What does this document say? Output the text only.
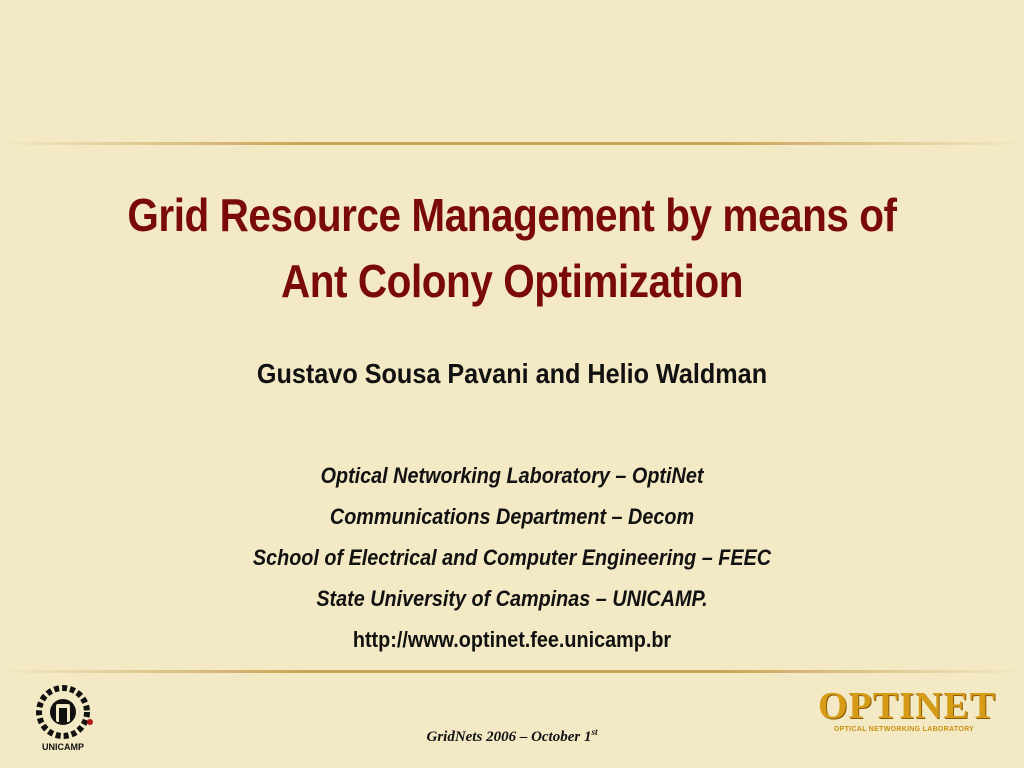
Grid Resource Management by means of
Ant Colony Optimization
Gustavo Sousa Pavani and Helio Waldman
Optical Networking Laboratory – OptiNet
Communications Department – Decom
School of Electrical and Computer Engineering – FEEC
State University of Campinas – UNICAMP.
http://www.optinet.fee.unicamp.br
UNICAMP
GridNets 2006 – October 1st
OPTINET
OPTICAL NETWORKING LABORATORY
